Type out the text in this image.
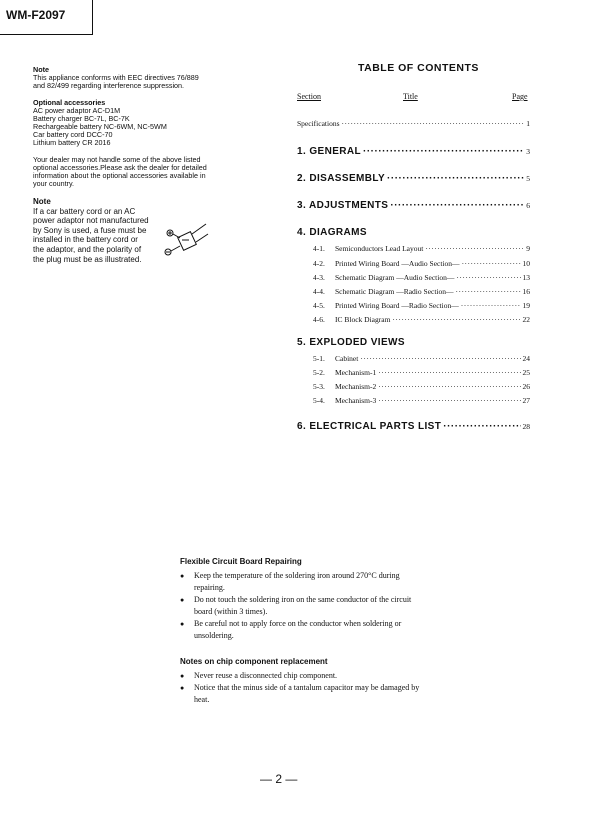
WM-F2097
Note
This appliance conforms with EEC directives 76/889
and 82/499 regarding interference suppression.
Optional accessories
AC power adaptor AC-D1M
Battery charger BC-7L, BC-7K
Rechargeable battery NC-6WM, NC-5WM
Car battery cord DCC-70
Lithium battery CR 2016
Your dealer may not handle some of the above listed
optional accessories.Please ask the dealer for detailed
information about the optional accessories available in
your country.
Note
If a car battery cord or an AC
power adaptor not manufactured
by Sony is used, a fuse must be
installed in the battery cord or
the adaptor, and the polarity of
the plug must be as illustrated.
TABLE OF CONTENTS
Section	Title	Page
Specifications ·····	1
1. GENERAL ·····	3
2. DISASSEMBLY ·····	5
3. ADJUSTMENTS ·····	6
4. DIAGRAMS
4-1.	Semiconductors Lead Layout ·····	9
4-2.	Printed Wiring Board —Audio Section— ·····	10
4-3.	Schematic Diagram —Audio Section— ·····	13
4-4.	Schematic Diagram —Radio Section— ·····	16
4-5.	Printed Wiring Board —Radio Section— ·····	19
4-6.	IC Block Diagram ·····	22
5. EXPLODED VIEWS
5-1.	Cabinet ·····	24
5-2.	Mechanism-1 ·····	25
5-3.	Mechanism-2 ·····	26
5-4.	Mechanism-3 ·····	27
6. ELECTRICAL PARTS LIST ·····	28
Flexible Circuit Board Repairing
● Keep the temperature of the soldering iron around 270°C during repairing.
● Do not touch the soldering iron on the same conductor of the circuit board (within 3 times).
● Be careful not to apply force on the conductor when soldering or unsoldering.
Notes on chip component replacement
● Never reuse a disconnected chip component.
● Notice that the minus side of a tantalum capacitor may be damaged by heat.
— 2 —
